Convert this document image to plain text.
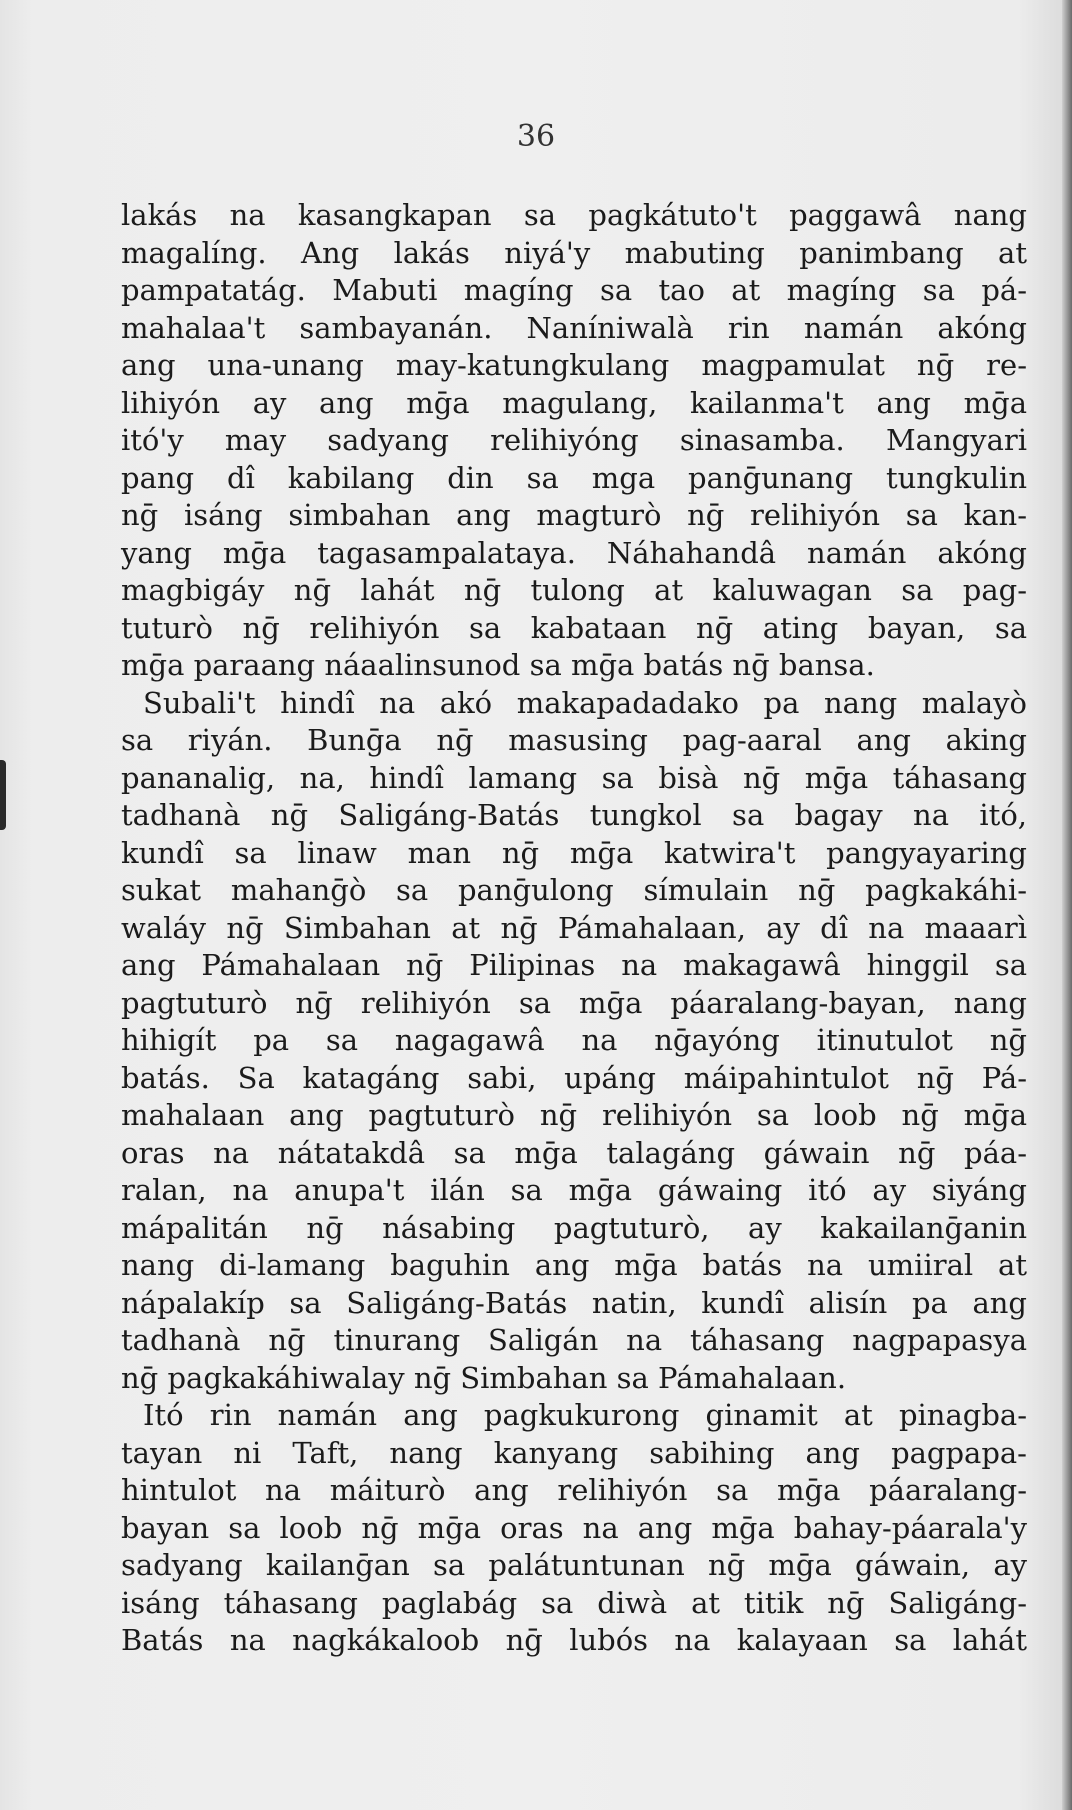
36
lakás na kasangkapan sa pagkátuto't paggawâ nang
magalíng. Ang lakás niyá'y mabuting panimbang at
pampatatág. Mabuti magíng sa tao at magíng sa pá-
mahalaa't sambayanán. Naníniwalà rin namán akóng
ang una-unang may-katungkulang magpamulat nḡ re-
lihiyón ay ang mḡa magulang, kailanma't ang mḡa
itó'y may sadyang relihiyóng sinasamba. Mangyari
pang dî kabilang din sa mga panḡunang tungkulin
nḡ isáng simbahan ang magturò nḡ relihiyón sa kan-
yang mḡa tagasampalataya. Náhahandâ namán akóng
magbigáy nḡ lahát nḡ tulong at kaluwagan sa pag-
tuturò nḡ relihiyón sa kabataan nḡ ating bayan, sa
mḡa paraang náaalinsunod sa mḡa batás nḡ bansa.
Subali't hindî na akó makapadadako pa nang malayò
sa riyán. Bunḡa nḡ masusing pag-aaral ang aking
pananalig, na, hindî lamang sa bisà nḡ mḡa táhasang
tadhanà nḡ Saligáng-Batás tungkol sa bagay na itó,
kundî sa linaw man nḡ mḡa katwira't pangyayaring
sukat mahanḡò sa panḡulong símulain nḡ pagkakáhi-
waláy nḡ Simbahan at nḡ Pámahalaan, ay dî na maaarì
ang Pámahalaan nḡ Pilipinas na makagawâ hinggil sa
pagtuturò nḡ relihiyón sa mḡa páaralang-bayan, nang
hihigít pa sa nagagawâ na nḡayóng itinutulot nḡ
batás. Sa katagáng sabi, upáng máipahintulot nḡ Pá-
mahalaan ang pagtuturò nḡ relihiyón sa loob nḡ mḡa
oras na nátatakdâ sa mḡa talagáng gáwain nḡ páa-
ralan, na anupa't ilán sa mḡa gáwaing itó ay siyáng
mápalitán nḡ násabing pagtuturò, ay kakailanḡanin
nang di-lamang baguhin ang mḡa batás na umiiral at
nápalakíp sa Saligáng-Batás natin, kundî alisín pa ang
tadhanà nḡ tinurang Saligán na táhasang nagpapasya
nḡ pagkakáhiwalay nḡ Simbahan sa Pámahalaan.
Itó rin namán ang pagkukurong ginamit at pinagba-
tayan ni Taft, nang kanyang sabihing ang pagpapa-
hintulot na máiturò ang relihiyón sa mḡa páaralang-
bayan sa loob nḡ mḡa oras na ang mḡa bahay-páarala'y
sadyang kailanḡan sa palátuntunan nḡ mḡa gáwain, ay
isáng táhasang paglabág sa diwà at titik nḡ Saligáng-
Batás na nagkákaloob nḡ lubós na kalayaan sa lahát
